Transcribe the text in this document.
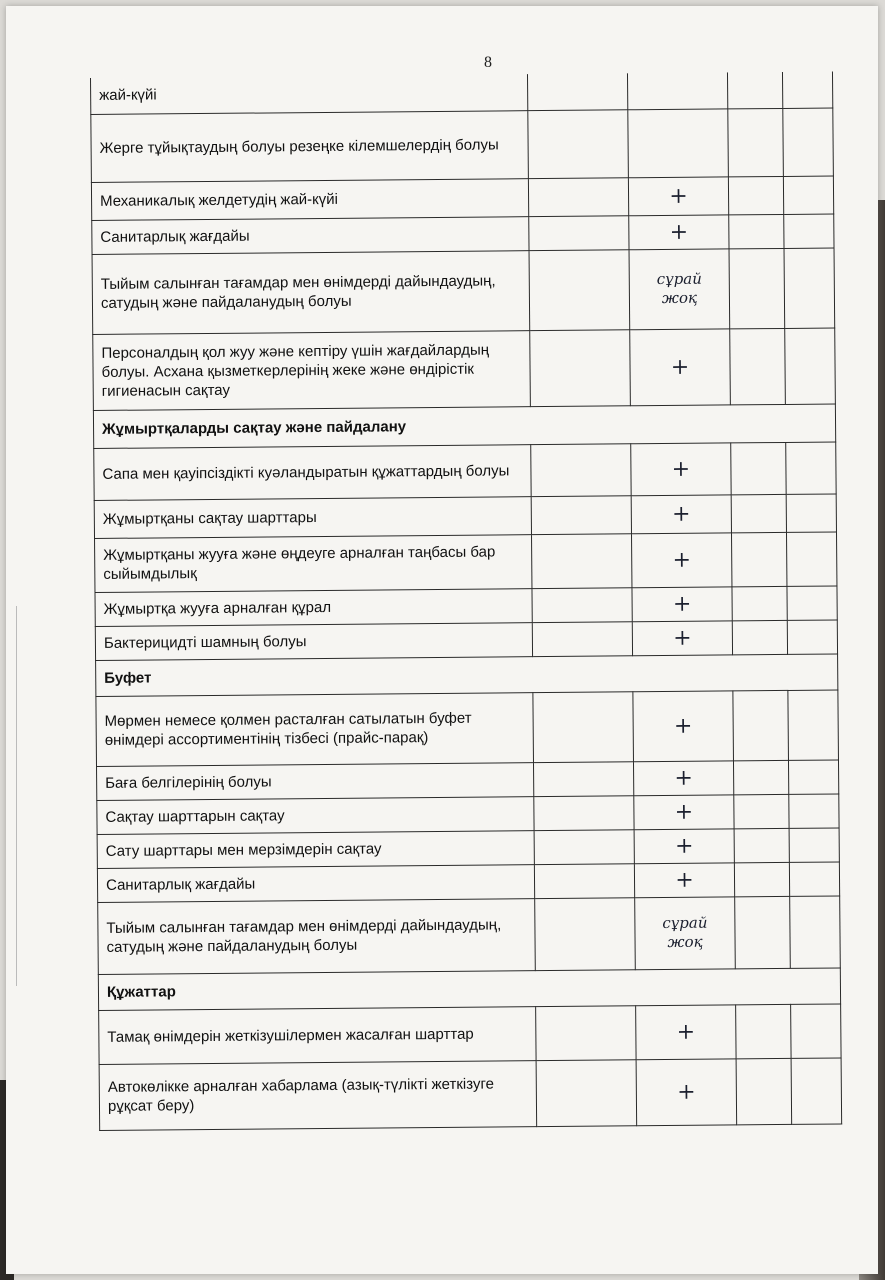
8
жай-күйі				
Жерге тұйықтаудың болуы резеңке кілемшелердің болуы				
Механикалық желдетудің жай-күйі		+		
Санитарлық жағдайы		+		
Тыйым салынған тағамдар мен өнімдерді дайындаудың, сатудың және пайдаланудың болуы		сұрай жоқ		
Персоналдың қол жуу және кептіру үшін жағдайлардың болуы. Асхана қызметкерлерінің жеке және өндірістік гигиенасын сақтау		+		
Жұмыртқаларды сақтау және пайдалану				
Сапа мен қауіпсіздікті куәландыратын құжаттардың болуы		+		
Жұмыртқаны сақтау шарттары		+		
Жұмыртқаны жууға және өңдеуге арналған таңбасы бар сыйымдылық		+		
Жұмыртқа жууға арналған құрал		+		
Бактерицидті шамның болуы		+		
Буфет				
Мөрмен немесе қолмен расталған сатылатын буфет өнімдері ассортиментінің тізбесі (прайс-парақ)		+		
Баға белгілерінің болуы		+		
Сақтау шарттарын сақтау		+		
Сату шарттары мен мерзімдерін сақтау		+		
Санитарлық жағдайы		+		
Тыйым салынған тағамдар мен өнімдерді дайындаудың, сатудың және пайдаланудың болуы		сұрай жоқ		
Құжаттар				
Тамақ өнімдерін жеткізушілермен жасалған шарттар		+		
Автокөлікке арналған хабарлама (азық-түлікті жеткізуге рұқсат беру)		+		
